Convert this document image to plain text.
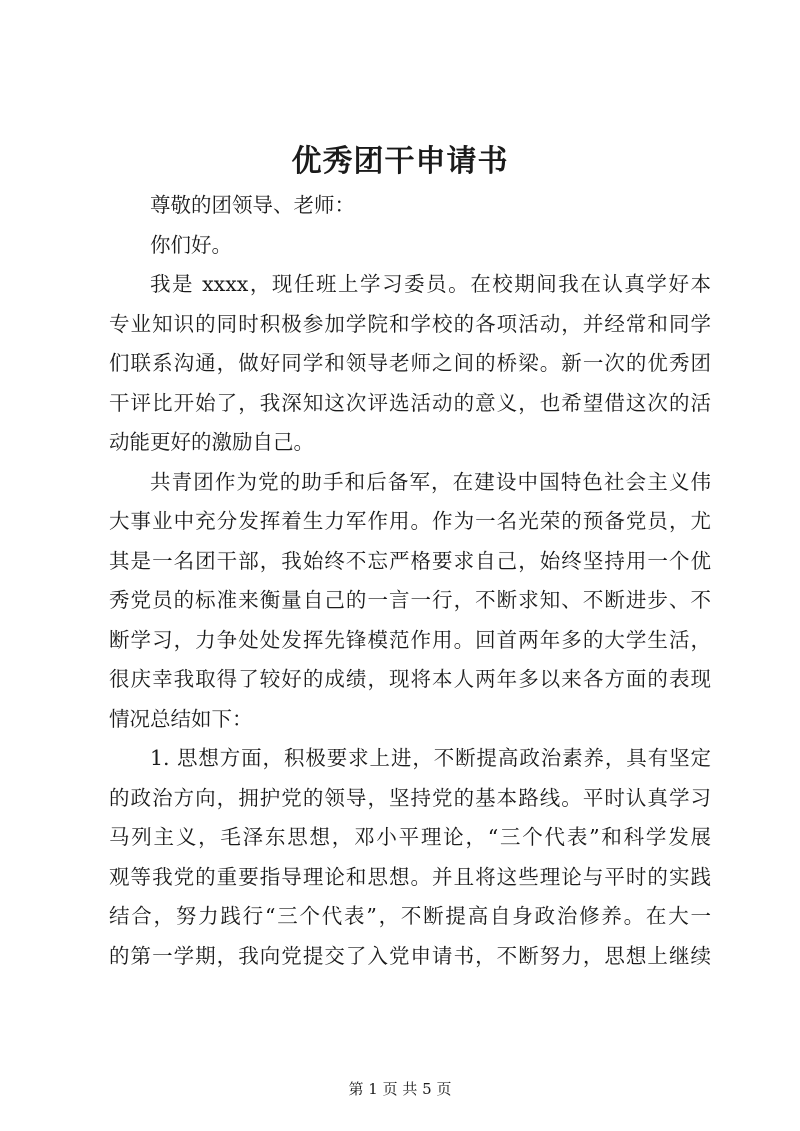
优秀团干申请书

尊敬的团领导、老师：

你们好。

我是 xxxx，现任班上学习委员。在校期间我在认真学好本
专业知识的同时积极参加学院和学校的各项活动，并经常和同学
们联系沟通，做好同学和领导老师之间的桥梁。新一次的优秀团
干评比开始了，我深知这次评选活动的意义，也希望借这次的活
动能更好的激励自己。

共青团作为党的助手和后备军，在建设中国特色社会主义伟
大事业中充分发挥着生力军作用。作为一名光荣的预备党员，尤
其是一名团干部，我始终不忘严格要求自己，始终坚持用一个优
秀党员的标准来衡量自己的一言一行，不断求知、不断进步、不
断学习，力争处处发挥先锋模范作用。回首两年多的大学生活，
很庆幸我取得了较好的成绩，现将本人两年多以来各方面的表现
情况总结如下：

1. 思想方面，积极要求上进，不断提高政治素养，具有坚定
的政治方向，拥护党的领导，坚持党的基本路线。平时认真学习
马列主义，毛泽东思想，邓小平理论，“三个代表”和科学发展
观等我党的重要指导理论和思想。并且将这些理论与平时的实践
结合，努力践行“三个代表”，不断提高自身政治修养。在大一
的第一学期，我向党提交了入党申请书，不断努力，思想上继续

第 1 页 共 5 页
